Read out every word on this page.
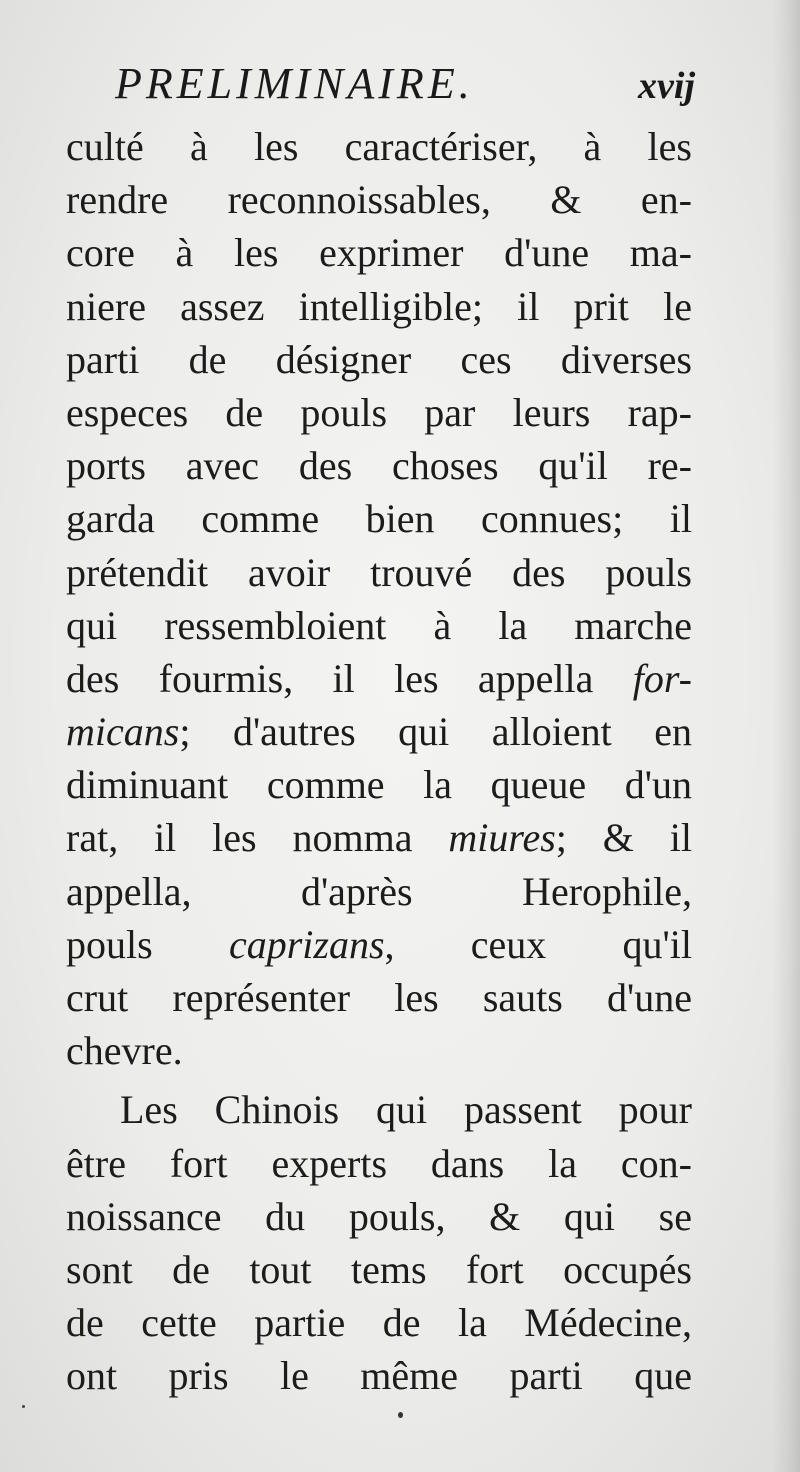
PRELIMINAIRE.	xvij
culté à les caractériser, à les
rendre reconnoissables, & en-
core à les exprimer d'une ma-
niere assez intelligible; il prit le
parti de désigner ces diverses
especes de pouls par leurs rap-
ports avec des choses qu'il re-
garda comme bien connues; il
prétendit avoir trouvé des pouls
qui ressembloient à la marche
des fourmis, il les appella for-
micans; d'autres qui alloient en
diminuant comme la queue d'un
rat, il les nomma miures; & il
appella, d'après Herophile,
pouls caprizans, ceux qu'il
crut représenter les sauts d'une
chevre.
Les Chinois qui passent pour
être fort experts dans la con-
noissance du pouls, & qui se
sont de tout tems fort occupés
de cette partie de la Médecine,
ont pris le même parti que
